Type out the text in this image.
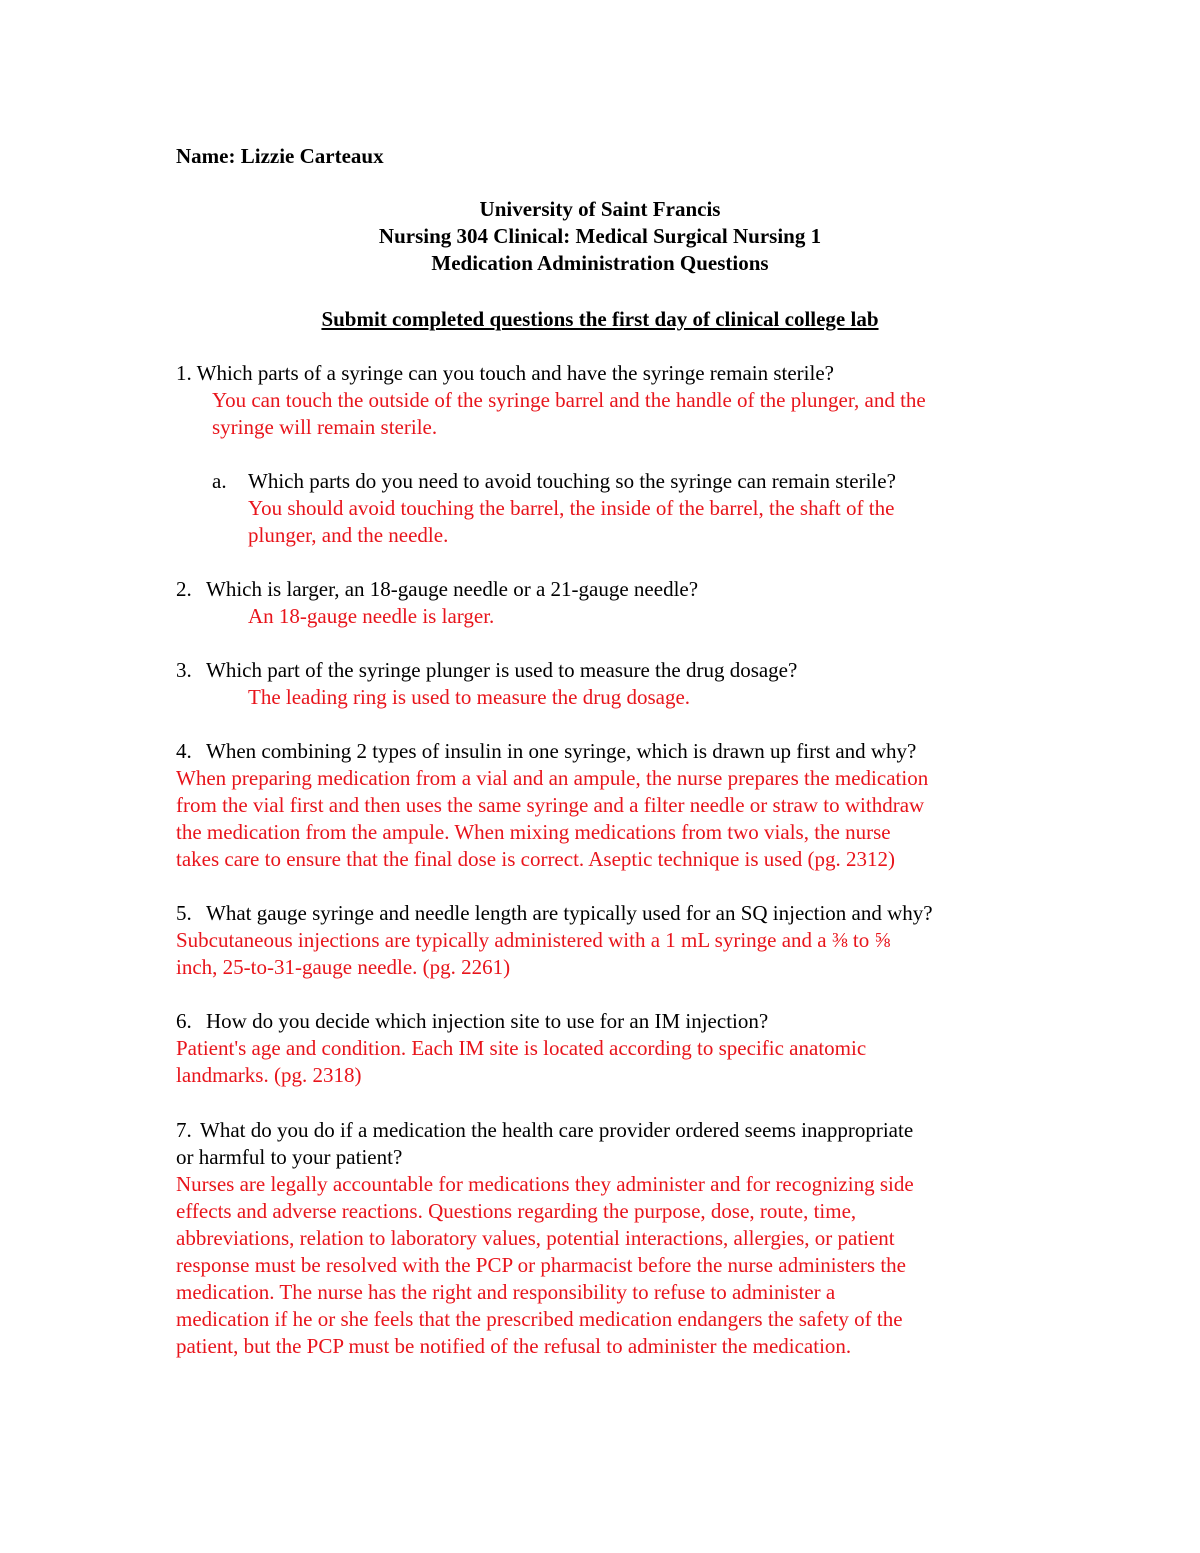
Name: Lizzie Carteaux
University of Saint Francis
Nursing 304 Clinical: Medical Surgical Nursing 1
Medication Administration Questions
Submit completed questions the first day of clinical college lab
1. Which parts of a syringe can you touch and have the syringe remain sterile?
You can touch the outside of the syringe barrel and the handle of the plunger, and the
syringe will remain sterile.
a. Which parts do you need to avoid touching so the syringe can remain sterile?
You should avoid touching the barrel, the inside of the barrel, the shaft of the
plunger, and the needle.
2. Which is larger, an 18-gauge needle or a 21-gauge needle?
An 18-gauge needle is larger.
3. Which part of the syringe plunger is used to measure the drug dosage?
The leading ring is used to measure the drug dosage.
4. When combining 2 types of insulin in one syringe, which is drawn up first and why?
When preparing medication from a vial and an ampule, the nurse prepares the medication
from the vial first and then uses the same syringe and a filter needle or straw to withdraw
the medication from the ampule. When mixing medications from two vials, the nurse
takes care to ensure that the final dose is correct. Aseptic technique is used (pg. 2312)
5. What gauge syringe and needle length are typically used for an SQ injection and why?
Subcutaneous injections are typically administered with a 1 mL syringe and a ⅜ to ⅝
inch, 25-to-31-gauge needle. (pg. 2261)
6. How do you decide which injection site to use for an IM injection?
Patient's age and condition. Each IM site is located according to specific anatomic
landmarks. (pg. 2318)
7. What do you do if a medication the health care provider ordered seems inappropriate
or harmful to your patient?
Nurses are legally accountable for medications they administer and for recognizing side
effects and adverse reactions. Questions regarding the purpose, dose, route, time,
abbreviations, relation to laboratory values, potential interactions, allergies, or patient
response must be resolved with the PCP or pharmacist before the nurse administers the
medication. The nurse has the right and responsibility to refuse to administer a
medication if he or she feels that the prescribed medication endangers the safety of the
patient, but the PCP must be notified of the refusal to administer the medication.
